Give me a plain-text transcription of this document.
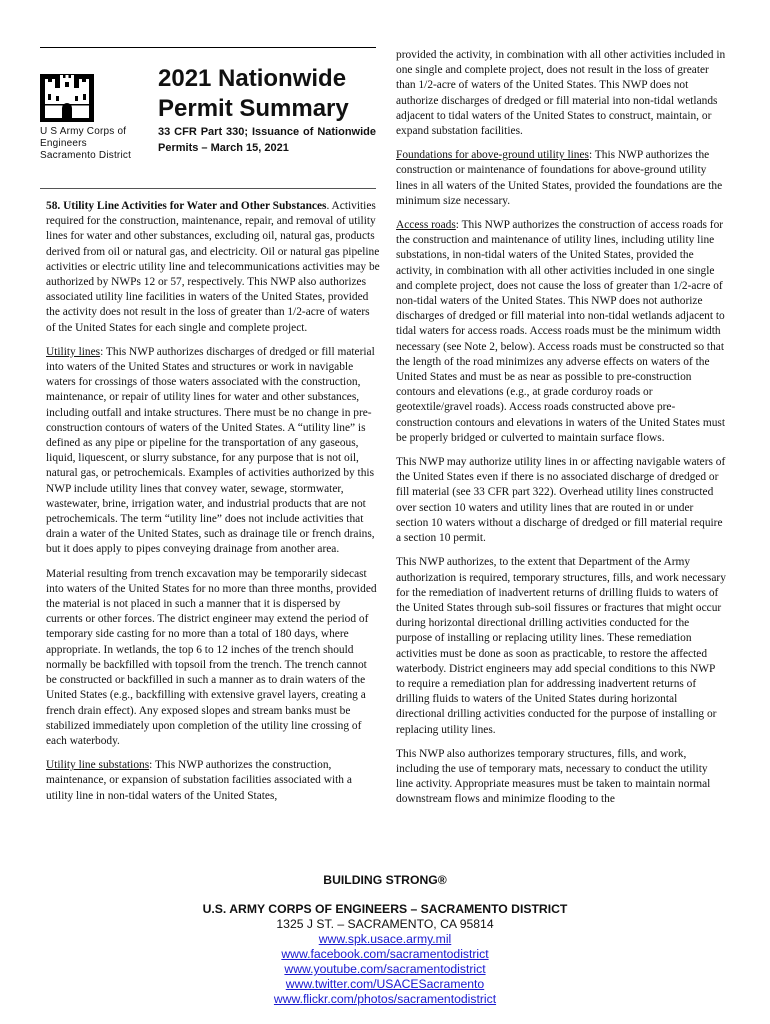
U S Army Corps of
Engineers
Sacramento District
2021 Nationwide
Permit Summary

33 CFR Part 330; Issuance of Nationwide Permits – March 15, 2021

58. Utility Line Activities for Water and Other Substances. Activities required for the construction, maintenance, repair, and removal of utility lines for water and other substances, excluding oil, natural gas, products derived from oil or natural gas, and electricity. Oil or natural gas pipeline activities or electric utility line and telecommunications activities may be authorized by NWPs 12 or 57, respectively. This NWP also authorizes associated utility line facilities in waters of the United States, provided the activity does not result in the loss of greater than 1/2-acre of waters of the United States for each single and complete project.

Utility lines: This NWP authorizes discharges of dredged or fill material into waters of the United States and structures or work in navigable waters for crossings of those waters associated with the construction, maintenance, or repair of utility lines for water and other substances, including outfall and intake structures. There must be no change in pre-construction contours of waters of the United States. A “utility line” is defined as any pipe or pipeline for the transportation of any gaseous, liquid, liquescent, or slurry substance, for any purpose that is not oil, natural gas, or petrochemicals. Examples of activities authorized by this NWP include utility lines that convey water, sewage, stormwater, wastewater, brine, irrigation water, and industrial products that are not petrochemicals. The term “utility line” does not include activities that drain a water of the United States, such as drainage tile or french drains, but it does apply to pipes conveying drainage from another area.

Material resulting from trench excavation may be temporarily sidecast into waters of the United States for no more than three months, provided the material is not placed in such a manner that it is dispersed by currents or other forces. The district engineer may extend the period of temporary side casting for no more than a total of 180 days, where appropriate. In wetlands, the top 6 to 12 inches of the trench should normally be backfilled with topsoil from the trench. The trench cannot be constructed or backfilled in such a manner as to drain waters of the United States (e.g., backfilling with extensive gravel layers, creating a french drain effect). Any exposed slopes and stream banks must be stabilized immediately upon completion of the utility line crossing of each waterbody.

Utility line substations: This NWP authorizes the construction, maintenance, or expansion of substation facilities associated with a utility line in non-tidal waters of the United States,

provided the activity, in combination with all other activities included in one single and complete project, does not result in the loss of greater than 1/2-acre of waters of the United States. This NWP does not authorize discharges of dredged or fill material into non-tidal wetlands adjacent to tidal waters of the United States to construct, maintain, or expand substation facilities.

Foundations for above-ground utility lines: This NWP authorizes the construction or maintenance of foundations for above-ground utility lines in all waters of the United States, provided the foundations are the minimum size necessary.

Access roads: This NWP authorizes the construction of access roads for the construction and maintenance of utility lines, including utility line substations, in non-tidal waters of the United States, provided the activity, in combination with all other activities included in one single and complete project, does not cause the loss of greater than 1/2-acre of non-tidal waters of the United States. This NWP does not authorize discharges of dredged or fill material into non-tidal wetlands adjacent to tidal waters for access roads. Access roads must be the minimum width necessary (see Note 2, below). Access roads must be constructed so that the length of the road minimizes any adverse effects on waters of the United States and must be as near as possible to pre-construction contours and elevations (e.g., at grade corduroy roads or geotextile/gravel roads). Access roads constructed above pre-construction contours and elevations in waters of the United States must be properly bridged or culverted to maintain surface flows.

This NWP may authorize utility lines in or affecting navigable waters of the United States even if there is no associated discharge of dredged or fill material (see 33 CFR part 322). Overhead utility lines constructed over section 10 waters and utility lines that are routed in or under section 10 waters without a discharge of dredged or fill material require a section 10 permit.

This NWP authorizes, to the extent that Department of the Army authorization is required, temporary structures, fills, and work necessary for the remediation of inadvertent returns of drilling fluids to waters of the United States through sub-soil fissures or fractures that might occur during horizontal directional drilling activities conducted for the purpose of installing or replacing utility lines. These remediation activities must be done as soon as practicable, to restore the affected waterbody. District engineers may add special conditions to this NWP to require a remediation plan for addressing inadvertent returns of drilling fluids to waters of the United States during horizontal directional drilling activities conducted for the purpose of installing or replacing utility lines.

This NWP also authorizes temporary structures, fills, and work, including the use of temporary mats, necessary to conduct the utility line activity. Appropriate measures must be taken to maintain normal downstream flows and minimize flooding to the

BUILDING STRONG®
U.S. ARMY CORPS OF ENGINEERS – SACRAMENTO DISTRICT
1325 J ST. – SACRAMENTO, CA 95814
www.spk.usace.army.mil
www.facebook.com/sacramentodistrict
www.youtube.com/sacramentodistrict
www.twitter.com/USACESacramento
www.flickr.com/photos/sacramentodistrict
